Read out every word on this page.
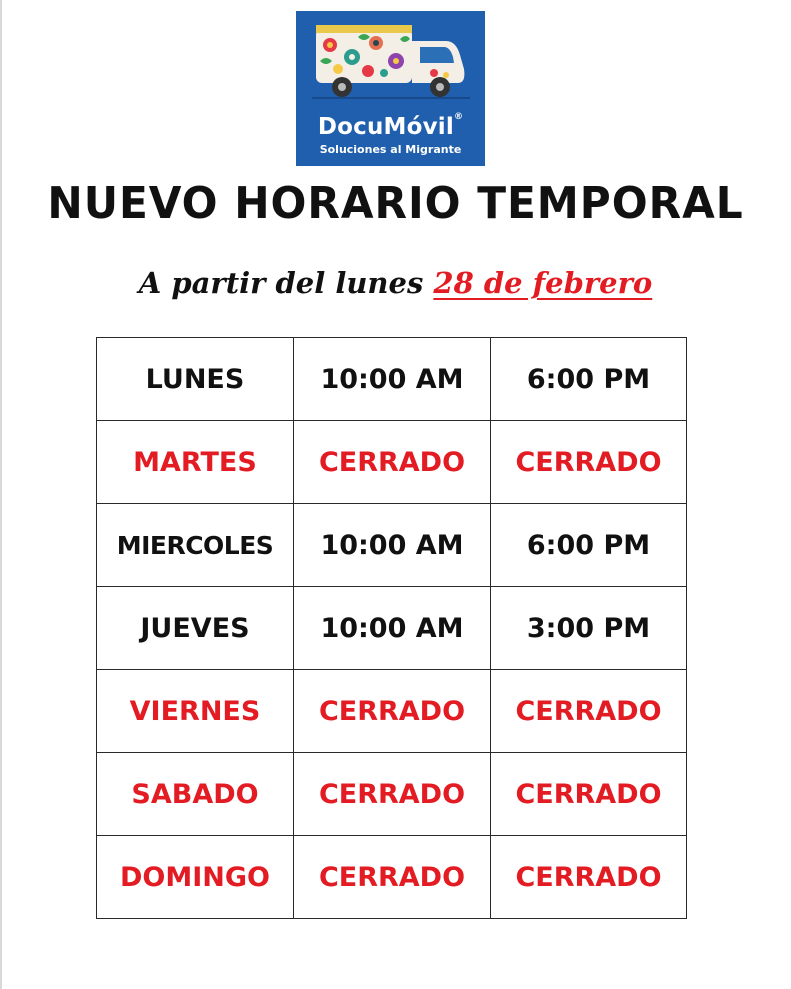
DocuMóvil®
Soluciones al Migrante
NUEVO HORARIO TEMPORAL
A partir del lunes 28 de febrero
LUNES	10:00 AM	6:00 PM
MARTES	CERRADO	CERRADO
MIERCOLES	10:00 AM	6:00 PM
JUEVES	10:00 AM	3:00 PM
VIERNES	CERRADO	CERRADO
SABADO	CERRADO	CERRADO
DOMINGO	CERRADO	CERRADO
